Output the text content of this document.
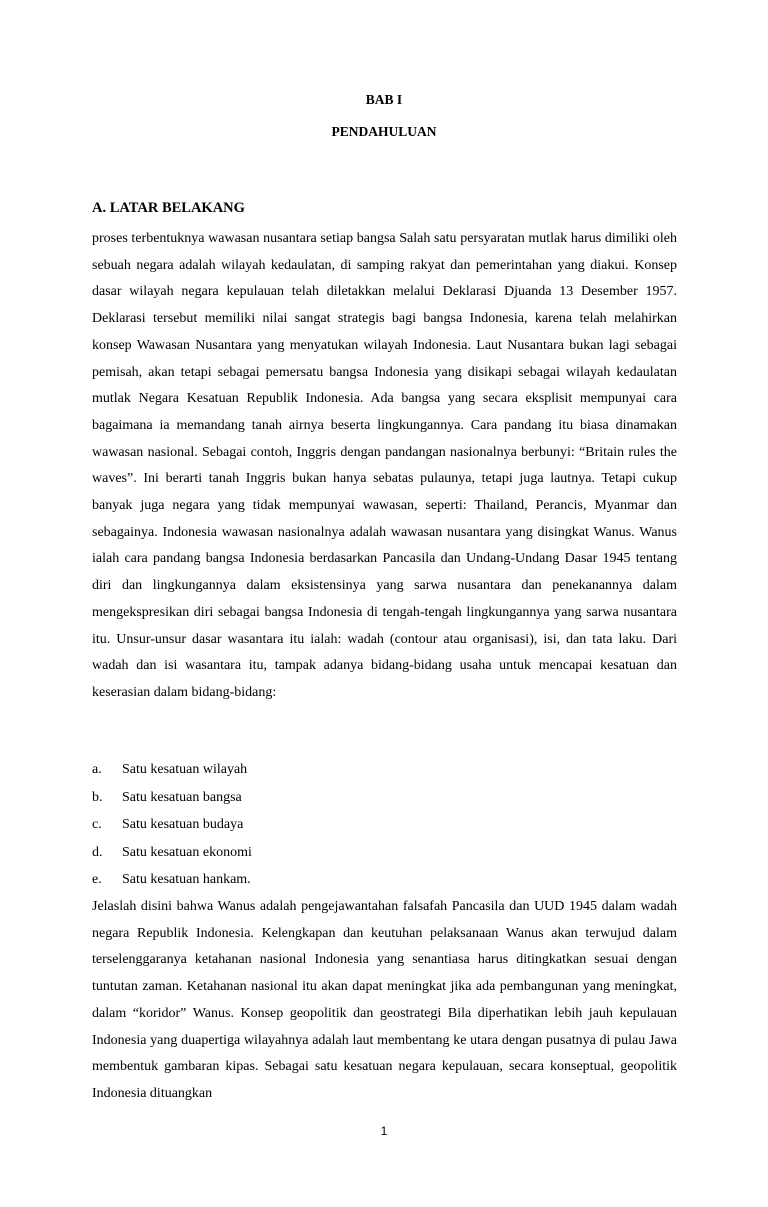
BAB I
PENDAHULUAN
A. LATAR BELAKANG

proses terbentuknya wawasan nusantara setiap bangsa Salah satu persyaratan mutlak harus dimiliki oleh sebuah negara adalah wilayah kedaulatan, di samping rakyat dan pemerintahan yang diakui. Konsep dasar wilayah negara kepulauan telah diletakkan melalui Deklarasi Djuanda 13 Desember 1957. Deklarasi tersebut memiliki nilai sangat strategis bagi bangsa Indonesia, karena telah melahirkan konsep Wawasan Nusantara yang menyatukan wilayah Indonesia. Laut Nusantara bukan lagi sebagai pemisah, akan tetapi sebagai pemersatu bangsa Indonesia yang disikapi sebagai wilayah kedaulatan mutlak Negara Kesatuan Republik Indonesia. Ada bangsa yang secara eksplisit mempunyai cara bagaimana ia memandang tanah airnya beserta lingkungannya. Cara pandang itu biasa dinamakan wawasan nasional. Sebagai contoh, Inggris dengan pandangan nasionalnya berbunyi: “Britain rules the waves”. Ini berarti tanah Inggris bukan hanya sebatas pulaunya, tetapi juga lautnya. Tetapi cukup banyak juga negara yang tidak mempunyai wawasan, seperti: Thailand, Perancis, Myanmar dan sebagainya. Indonesia wawasan nasionalnya adalah wawasan nusantara yang disingkat Wanus. Wanus ialah cara pandang bangsa Indonesia berdasarkan Pancasila dan Undang-Undang Dasar 1945 tentang diri dan lingkungannya dalam eksistensinya yang sarwa nusantara dan penekanannya dalam mengekspresikan diri sebagai bangsa Indonesia di tengah-tengah lingkungannya yang sarwa nusantara itu. Unsur-unsur dasar wasantara itu ialah: wadah (contour atau organisasi), isi, dan tata laku. Dari wadah dan isi wasantara itu, tampak adanya bidang-bidang usaha untuk mencapai kesatuan dan keserasian dalam bidang-bidang:

a. Satu kesatuan wilayah
b. Satu kesatuan bangsa
c. Satu kesatuan budaya
d. Satu kesatuan ekonomi
e. Satu kesatuan hankam.

Jelaslah disini bahwa Wanus adalah pengejawantahan falsafah Pancasila dan UUD 1945 dalam wadah negara Republik Indonesia. Kelengkapan dan keutuhan pelaksanaan Wanus akan terwujud dalam terselenggaranya ketahanan nasional Indonesia yang senantiasa harus ditingkatkan sesuai dengan tuntutan zaman. Ketahanan nasional itu akan dapat meningkat jika ada pembangunan yang meningkat, dalam “koridor” Wanus. Konsep geopolitik dan geostrategi Bila diperhatikan lebih jauh kepulauan Indonesia yang duapertiga wilayahnya adalah laut membentang ke utara dengan pusatnya di pulau Jawa membentuk gambaran kipas. Sebagai satu kesatuan negara kepulauan, secara konseptual, geopolitik Indonesia dituangkan

1
